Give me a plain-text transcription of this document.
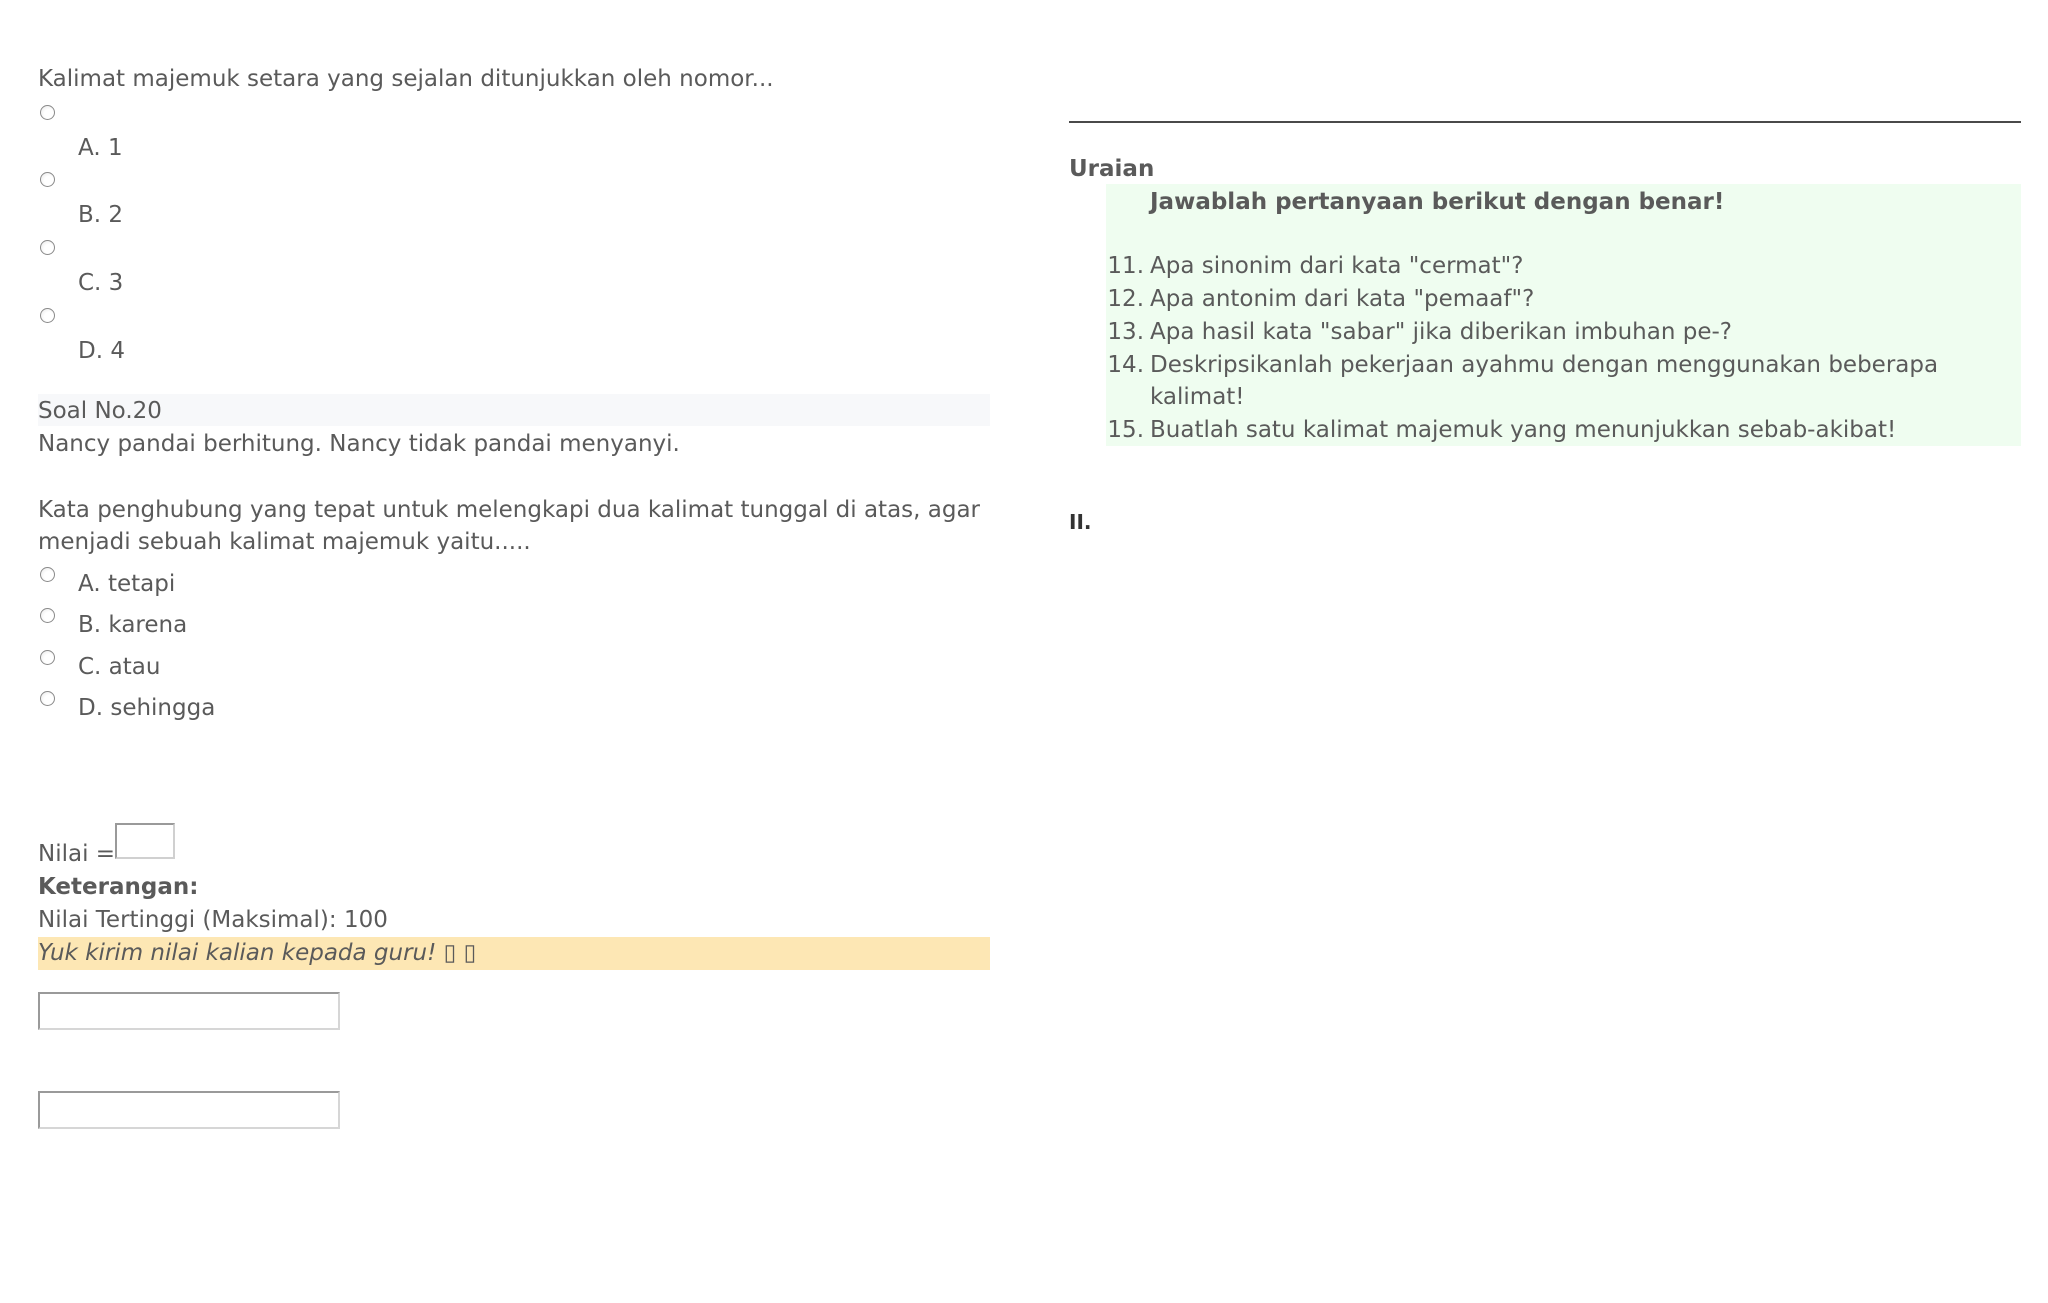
Kalimat majemuk setara yang sejalan ditunjukkan oleh nomor...
A. 1
B. 2
C. 3
D. 4
Soal No.20
Nancy pandai berhitung. Nancy tidak pandai menyanyi.
Kata penghubung yang tepat untuk melengkapi dua kalimat tunggal di atas, agar
menjadi sebuah kalimat majemuk yaitu.....
A. tetapi
B. karena
C. atau
D. sehingga
Nilai =
Keterangan:
Nilai Tertinggi (Maksimal): 100
Yuk kirim nilai kalian kepada guru! ▯ ▯
Uraian
Jawablah pertanyaan berikut dengan benar!
11. Apa sinonim dari kata "cermat"?
12. Apa antonim dari kata "pemaaf"?
13. Apa hasil kata "sabar" jika diberikan imbuhan pe-?
14. Deskripsikanlah pekerjaan ayahmu dengan menggunakan beberapa
kalimat!
15. Buatlah satu kalimat majemuk yang menunjukkan sebab-akibat!
II.
